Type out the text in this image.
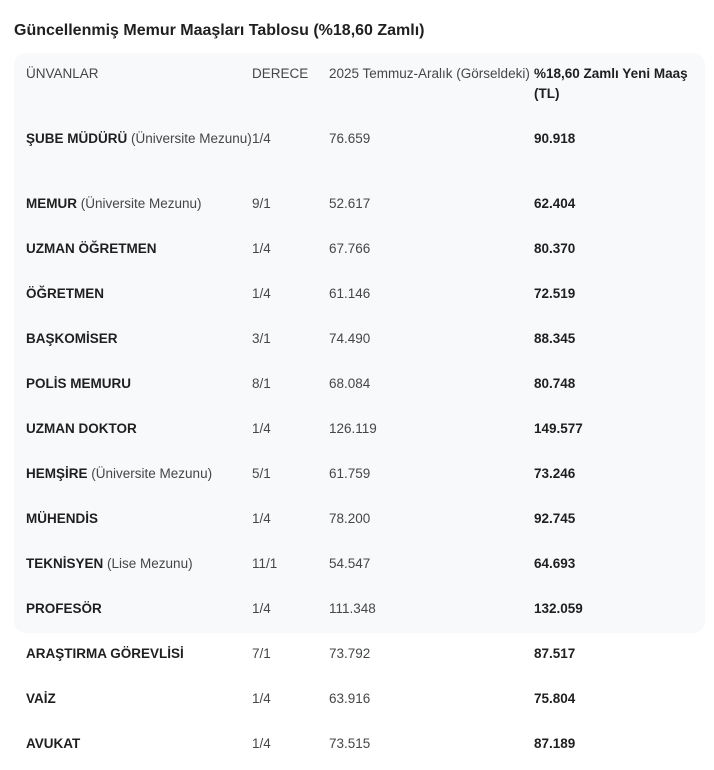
Güncellenmiş Memur Maaşları Tablosu (%18,60 Zamlı)
ÜNVANLAR	DERECE	2025 Temmuz-Aralık (Görseldeki)	%18,60 Zamlı Yeni Maaş (TL)
ŞUBE MÜDÜRÜ (Üniversite Mezunu)	1/4	76.659	90.918
MEMUR (Üniversite Mezunu)	9/1	52.617	62.404
UZMAN ÖĞRETMEN	1/4	67.766	80.370
ÖĞRETMEN	1/4	61.146	72.519
BAŞKOMİSER	3/1	74.490	88.345
POLİS MEMURU	8/1	68.084	80.748
UZMAN DOKTOR	1/4	126.119	149.577
HEMŞİRE (Üniversite Mezunu)	5/1	61.759	73.246
MÜHENDİS	1/4	78.200	92.745
TEKNİSYEN (Lise Mezunu)	11/1	54.547	64.693
PROFESÖR	1/4	111.348	132.059
ARAŞTIRMA GÖREVLİSİ	7/1	73.792	87.517
VAİZ	1/4	63.916	75.804
AVUKAT	1/4	73.515	87.189
